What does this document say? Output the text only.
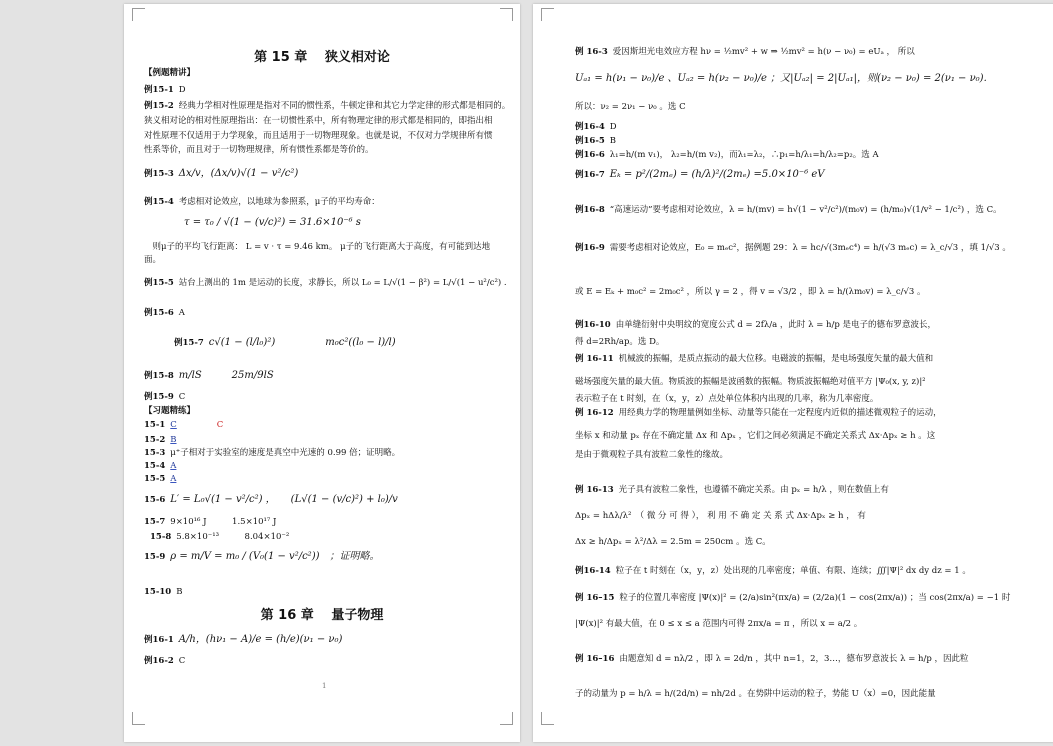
第 15 章　 狭义相对论
【例题精讲】
例15-1 D
例15-2 经典力学相对性原理是指对不同的惯性系，牛顿定律和其它力学定律的形式都是相同的。
狭义相对论的相对性原理指出：在一切惯性系中，所有物理定律的形式都是相同的，即指出相
对性原理不仅适用于力学现象，而且适用于一切物理现象。也就是说，不仅对力学规律所有惯
性系等价，而且对于一切物理规律，所有惯性系都是等价的。
例15-3 Δx/v，(Δx/v)√(1 − v²/c²)
例15-4 考虑相对论效应，以地球为参照系，μ子的平均寿命：
τ = τ₀ / √(1 − (v/c)²) = 31.6×10⁻⁶ s
　则μ子的平均飞行距离： L = v · τ = 9.46 km。 μ子的飞行距离大于高度，有可能到达地
面。
例15-5 站台上测出的 1m 是运动的长度，求静长，所以 L₀ = L/√(1 − β²) = L/√(1 − u²/c²) .
例15-6 A
例15-7 c√(1 − (l/l₀)²)　　　　　m₀c²((l₀ − l)/l)
例15-8 m/lS　　　25m/9lS
例15-9 C
【习题精练】
15-1 C	C
15-2 B
15-3 μ⁺子相对于实验室的速度是真空中光速的 0.99 倍；证明略。
15-4 A
15-5 A
15-6 L′ = L₀√(1 − v²/c²) ，　　(L√(1 − (v/c)²) + l₀)/v
15-7 9×10¹⁶ J　　　1.5×10¹⁷ J
15-8 5.8×10⁻¹³　　　8.04×10⁻²
15-9 ρ = m/V = m₀ / (V₀(1 − v²/c²))　；证明略。
15-10 B
第 16 章　 量子物理
例16-1 A/h，(hν₁ − A)/e = (h/e)(ν₁ − ν₀)
例16-2 C
1
例 16-3 爱因斯坦光电效应方程 hν = ½mv² + w ⇒ ½mv² = h(ν − ν₀) = eUₐ ， 所以
Uₐ₁ = h(ν₁ − ν₀)/e 、Uₐ₂ = h(ν₂ − ν₀)/e ；又|Uₐ₂| = 2|Uₐ₁|，则(ν₂ − ν₀) = 2(ν₁ − ν₀).
所以：ν₂ = 2ν₁ − ν₀ 。选 C
例16-4 D
例16-5 B
例16-6 λ₁=h/(m v₁)， λ₂=h/(m v₂)，而λ₁=λ₂，∴p₁=h/λ₁=h/λ₂=p₂。选 A
例16-7 Eₖ = p²/(2mₑ) = (h/λ)²/(2mₑ) =5.0×10⁻⁶ eV
例16-8 “高速运动”要考虑相对论效应，λ = h/(mv) = h√(1 − v²/c²)/(m₀v) = (h/m₀)√(1/v² − 1/c²) ，选 C。
例16-9 需要考虑相对论效应，E₀ = mₑc²，据例题 29：λ = hc/√(3mₑc⁴) = h/(√3 mₑc) = λ_c/√3 ，填 1/√3 。
或 E = Eₖ + m₀c² = 2m₀c² ，所以 γ = 2 ，得 v = √3/2 ，即 λ = h/(λm₀v) = λ_c/√3 。
例16-10 由单缝衍射中央明纹的宽度公式 d = 2fλ/a ，此时 λ = h/p 是电子的德布罗意波长，
得 d=2Rh/ap。选 D。
例 16-11 机械波的振幅，是质点振动的最大位移。电磁波的振幅，是电场强度矢量的最大值和
磁场强度矢量的最大值。物质波的振幅是波函数的振幅。物质波振幅绝对值平方 |Ψ₀(x, y, z)|²
表示粒子在 t 时刻，在（x，y，z）点处单位体积内出现的几率，称为几率密度。
例 16-12 用经典力学的物理量例如坐标、动量等只能在一定程度内近似的描述微观粒子的运动，
坐标 x 和动量 pₓ 存在不确定量 Δx 和 Δpₓ ，它们之间必须满足不确定关系式 Δx·Δpₓ ≥ h 。这
是由于微观粒子具有波粒二象性的缘故。
例 16-13 光子具有波粒二象性，也遵循不确定关系。由 pₓ = h/λ ，则在数值上有
Δpₓ = hΔλ/λ²　（ 微 分 可 得 ）， 利 用 不 确 定 关 系 式 Δx·Δpₓ ≥ h ， 有
Δx ≥ h/Δpₓ = λ²/Δλ = 2.5m = 250cm 。选 C。
例16-14 粒子在 t 时刻在（x，y，z）处出现的几率密度；单值、有限、连续；∭|Ψ|² dx dy dz = 1 。
例 16–15 粒子的位置几率密度 |Ψ(x)|² = (2/a)sin²(πx/a) = (2/2a)(1 − cos(2πx/a)) ；当 cos(2πx/a) = −1 时
|Ψ(x)|² 有最大值，在 0 ≤ x ≤ a 范围内可得 2πx/a = π ，所以 x = a/2 。
例 16–16 由题意知 d = nλ/2 ，即 λ = 2d/n ，其中 n=1，2，3…，德布罗意波长 λ = h/p ，因此粒
子的动量为 p = h/λ = h/(2d/n) = nh/2d 。在势阱中运动的粒子，势能 U（x）=0，因此能量
